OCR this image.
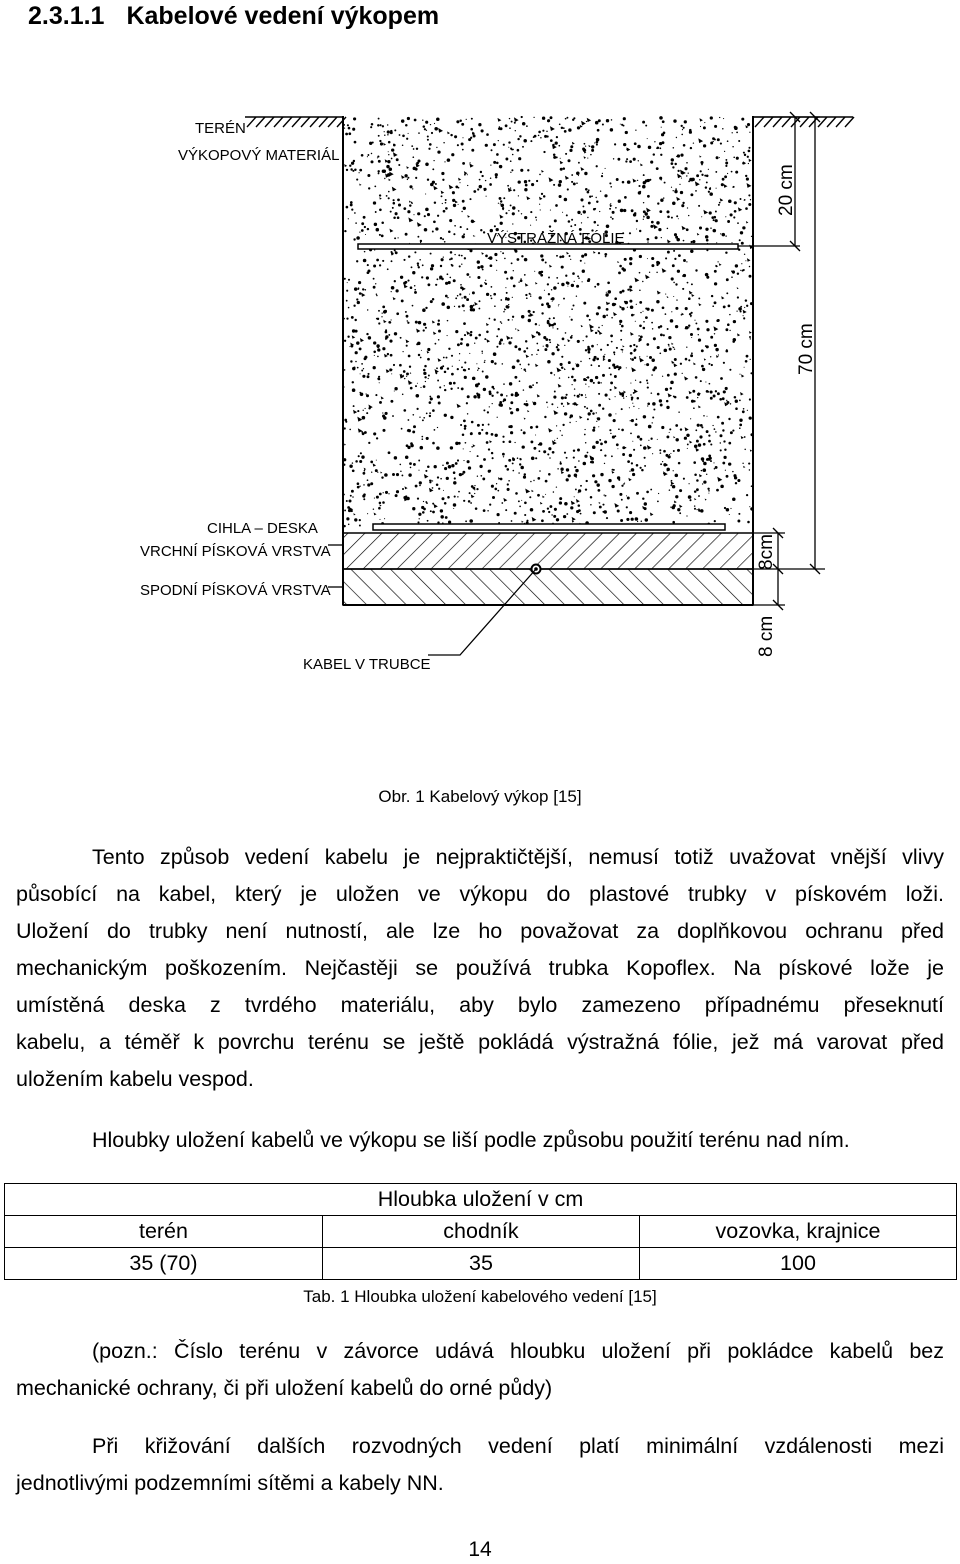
2.3.1.1 Kabelové vedení výkopem
TERÉN
VÝKOPOVÝ MATERIÁL
VÝSTRAŽNÁ FÓLIE
CIHLA – DESKA
VRCHNÍ PÍSKOVÁ VRSTVA
SPODNÍ PÍSKOVÁ VRSTVA
KABEL V TRUBCE
20 cm
70 cm
8cm
8 cm
Obr. 1 Kabelový výkop [15]
Tento způsob vedení kabelu je nejpraktičtější, nemusí totiž uvažovat vnější vlivy
působící na kabel, který je uložen ve výkopu do plastové trubky v pískovém loži.
Uložení do trubky není nutností, ale lze ho považovat za doplňkovou ochranu před
mechanickým poškozením. Nejčastěji se používá trubka Kopoflex. Na pískové lože je
umístěná deska z tvrdého materiálu, aby bylo zamezeno případnému přeseknutí
kabelu, a téměř k povrchu terénu se ještě pokládá výstražná fólie, jež má varovat před
uložením kabelu vespod.
Hloubky uložení kabelů ve výkopu se liší podle způsobu použití terénu nad ním.
Hloubka uložení v cm		
terén	chodník	vozovka, krajnice
35 (70)	35	100
Tab. 1 Hloubka uložení kabelového vedení [15]
(pozn.: Číslo terénu v závorce udává hloubku uložení při pokládce kabelů bez
mechanické ochrany, či při uložení kabelů do orné půdy)
Při křižování dalších rozvodných vedení platí minimální vzdálenosti mezi
jednotlivými podzemními sítěmi a kabely NN.
14
